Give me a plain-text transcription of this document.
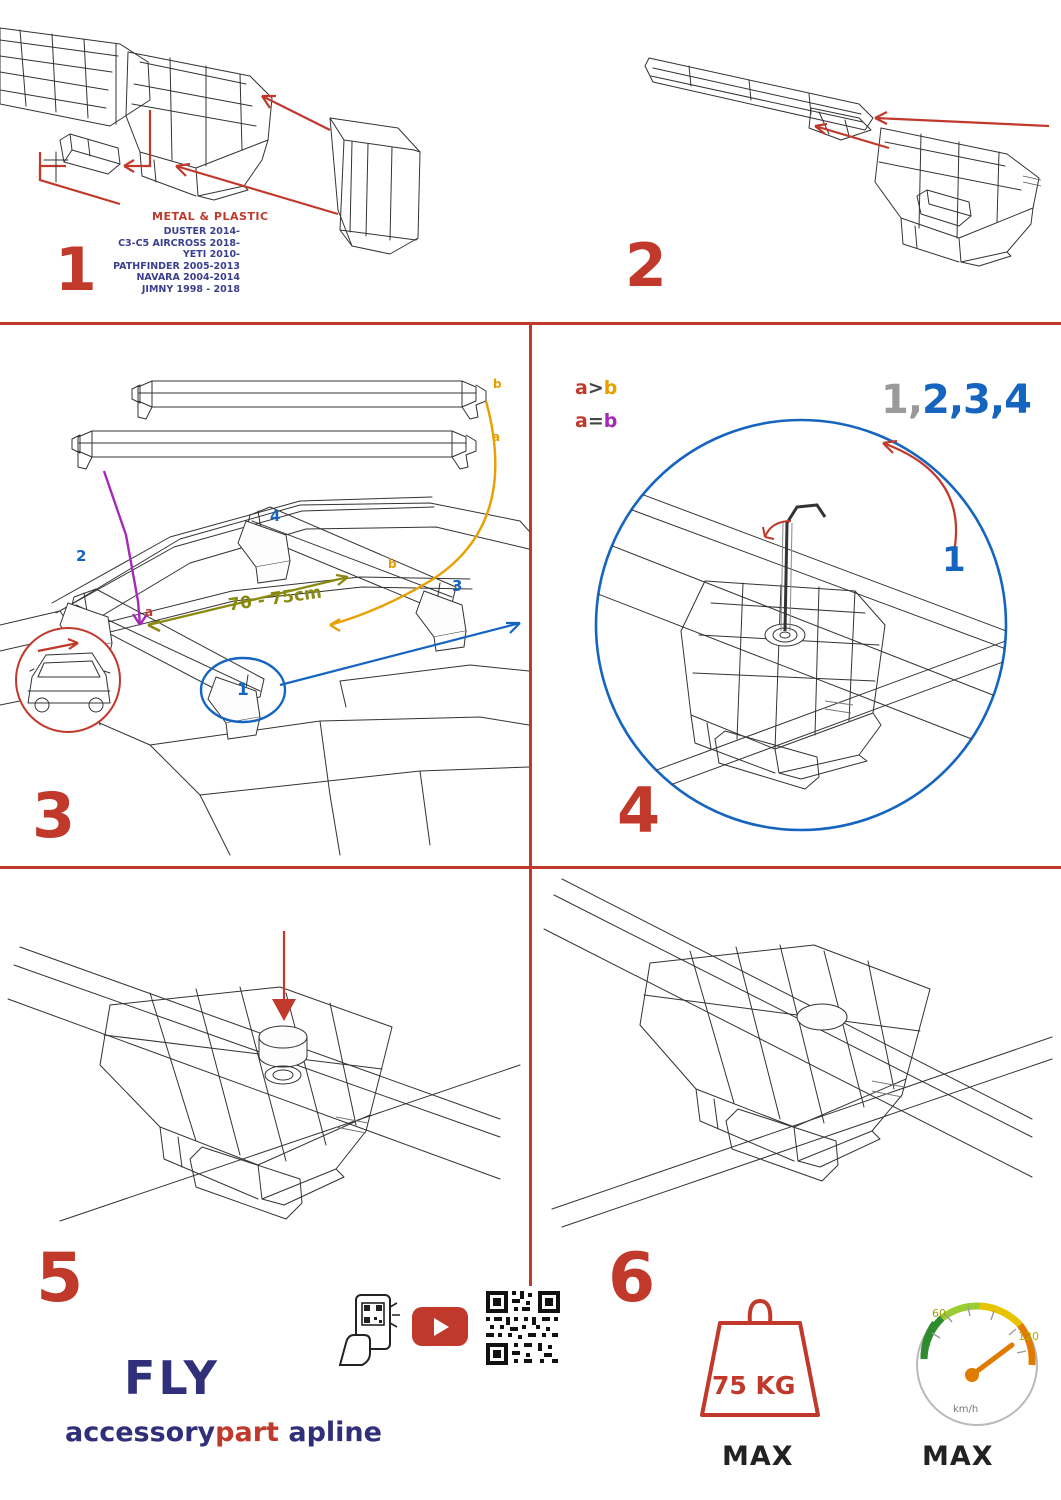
METAL & PLASTIC
DUSTER 2014-
C3-C5 AIRCROSS 2018-
YETI 2010-
PATHFINDER 2005-2013
NAVARA 2004-2014
JIMNY 1998 - 2018
1	2
b
a
a
b
2
4
3
1
70 - 75cm
a>b
a=b
3
1,2,3,4
1
4
5
FLY
accessorypart apline
6
75 KG
MAX
60
120
km/h
MAX
